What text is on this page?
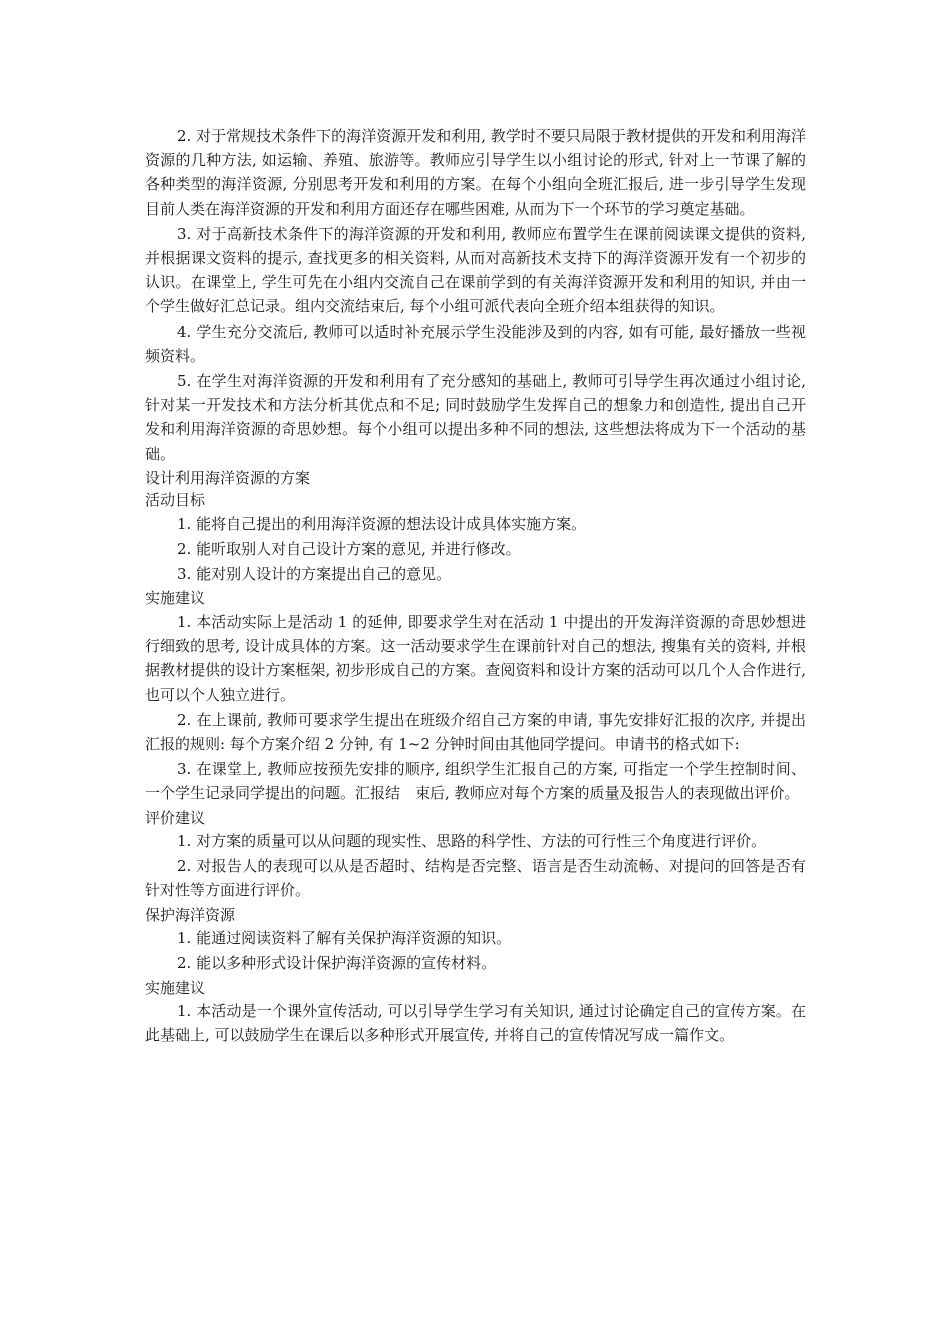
2. 对于常规技术条件下的海洋资源开发和利用, 教学时不要只局限于教材提供的开发和利用海洋资源的几种方法, 如运输、养殖、旅游等。教师应引导学生以小组讨论的形式, 针对上一节课了解的各种类型的海洋资源, 分别思考开发和利用的方案。在每个小组向全班汇报后, 进一步引导学生发现目前人类在海洋资源的开发和利用方面还存在哪些困难, 从而为下一个环节的学习奠定基础。

3. 对于高新技术条件下的海洋资源的开发和利用, 教师应布置学生在课前阅读课文提供的资料, 并根据课文资料的提示, 查找更多的相关资料, 从而对高新技术支持下的海洋资源开发有一个初步的认识。在课堂上, 学生可先在小组内交流自己在课前学到的有关海洋资源开发和利用的知识, 并由一个学生做好汇总记录。组内交流结束后, 每个小组可派代表向全班介绍本组获得的知识。

4. 学生充分交流后, 教师可以适时补充展示学生没能涉及到的内容, 如有可能, 最好播放一些视频资料。

5. 在学生对海洋资源的开发和利用有了充分感知的基础上, 教师可引导学生再次通过小组讨论, 针对某一开发技术和方法分析其优点和不足; 同时鼓励学生发挥自己的想象力和创造性, 提出自己开发和利用海洋资源的奇思妙想。每个小组可以提出多种不同的想法, 这些想法将成为下一个活动的基础。

设计利用海洋资源的方案

活动目标

1. 能将自己提出的利用海洋资源的想法设计成具体实施方案。

2. 能听取别人对自己设计方案的意见, 并进行修改。

3. 能对别人设计的方案提出自己的意见。

实施建议

1. 本活动实际上是活动 1 的延伸, 即要求学生对在活动 1 中提出的开发海洋资源的奇思妙想进行细致的思考, 设计成具体的方案。这一活动要求学生在课前针对自己的想法, 搜集有关的资料, 并根据教材提供的设计方案框架, 初步形成自己的方案。查阅资料和设计方案的活动可以几个人合作进行, 也可以个人独立进行。

2. 在上课前, 教师可要求学生提出在班级介绍自己方案的申请, 事先安排好汇报的次序, 并提出汇报的规则: 每个方案介绍 2 分钟, 有 1~2 分钟时间由其他同学提问。申请书的格式如下:

3. 在课堂上, 教师应按预先安排的顺序, 组织学生汇报自己的方案, 可指定一个学生控制时间、一个学生记录同学提出的问题。汇报结　束后, 教师应对每个方案的质量及报告人的表现做出评价。

评价建议

1. 对方案的质量可以从问题的现实性、思路的科学性、方法的可行性三个角度进行评价。

2. 对报告人的表现可以从是否超时、结构是否完整、语言是否生动流畅、对提问的回答是否有针对性等方面进行评价。

保护海洋资源

1. 能通过阅读资料了解有关保护海洋资源的知识。

2. 能以多种形式设计保护海洋资源的宣传材料。

实施建议

1. 本活动是一个课外宣传活动, 可以引导学生学习有关知识, 通过讨论确定自己的宣传方案。在此基础上, 可以鼓励学生在课后以多种形式开展宣传, 并将自己的宣传情况写成一篇作文。
